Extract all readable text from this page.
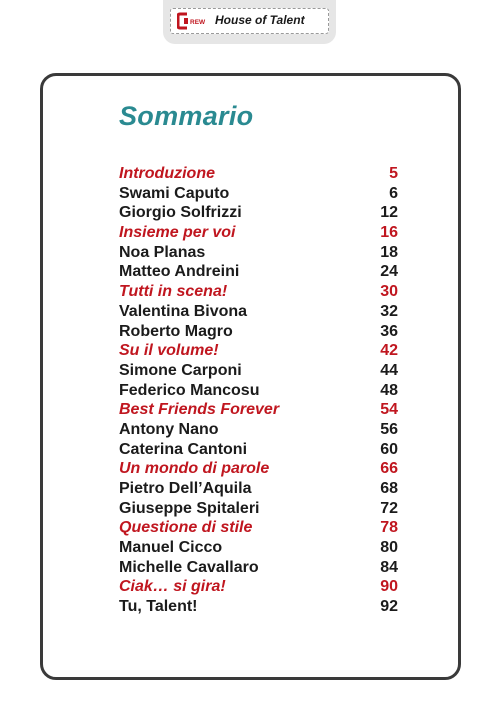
REW House of Talent
Sommario
Introduzione	5
Swami Caputo	6
Giorgio Solfrizzi	12
Insieme per voi	16
Noa Planas	18
Matteo Andreini	24
Tutti in scena!	30
Valentina Bivona	32
Roberto Magro	36
Su il volume!	42
Simone Carponi	44
Federico Mancosu	48
Best Friends Forever	54
Antony Nano	56
Caterina Cantoni	60
Un mondo di parole	66
Pietro Dell’Aquila	68
Giuseppe Spitaleri	72
Questione di stile	78
Manuel Cicco	80
Michelle Cavallaro	84
Ciak… si gira!	90
Tu, Talent!	92
